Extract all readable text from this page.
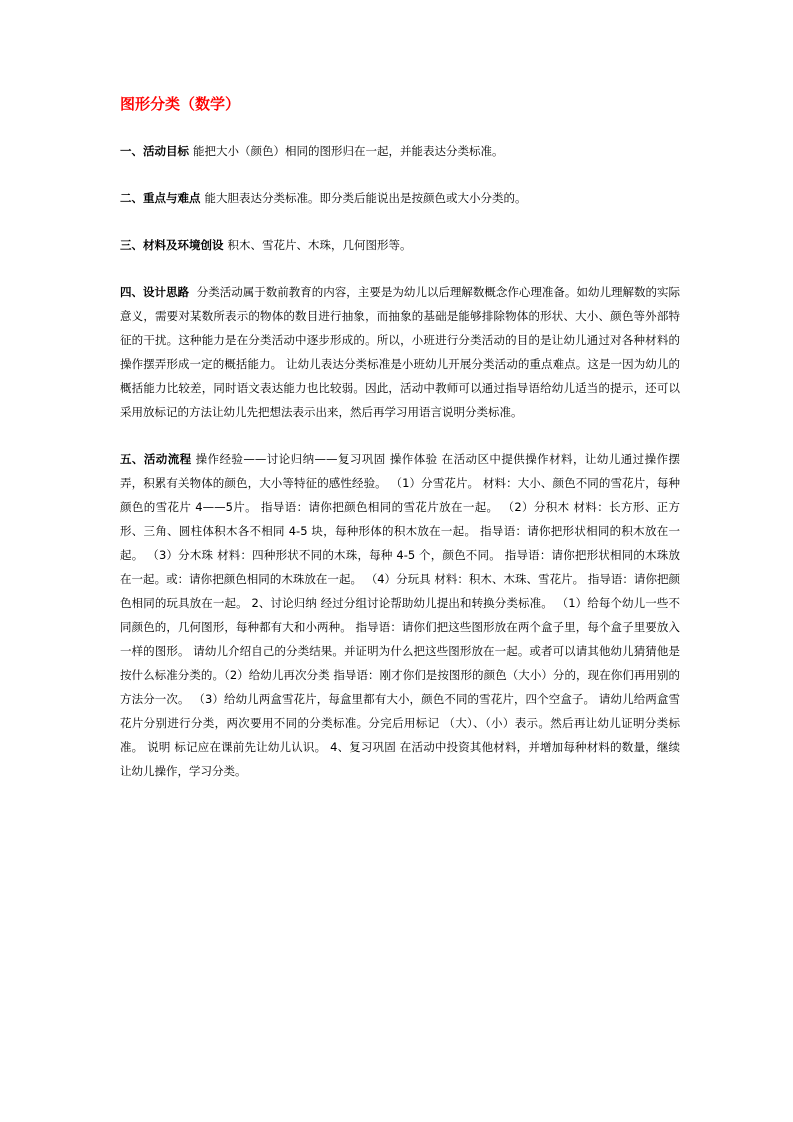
图形分类（数学）
一、活动目标 能把大小（颜色）相同的图形归在一起，并能表达分类标准。
二、重点与难点 能大胆表达分类标准。即分类后能说出是按颜色或大小分类的。
三、材料及环境创设 积木、雪花片、木珠，几何图形等。
四、设计思路 分类活动属于数前教育的内容，主要是为幼儿以后理解数概念作心理准备。如幼儿理解数的实际意义，需要对某数所表示的物体的数目进行抽象，而抽象的基础是能够排除物体的形状、大小、颜色等外部特征的干扰。这种能力是在分类活动中逐步形成的。所以，小班进行分类活动的目的是让幼儿通过对各种材料的操作摆弄形成一定的概括能力。 让幼儿表达分类标准是小班幼儿开展分类活动的重点难点。这是一因为幼儿的概括能力比较差，同时语文表达能力也比较弱。因此，活动中教师可以通过指导语给幼儿适当的提示，还可以采用放标记的方法让幼儿先把想法表示出来，然后再学习用语言说明分类标准。
五、活动流程 操作经验——讨论归纳——复习巩固 操作体验 在活动区中提供操作材料，让幼儿通过操作摆弄，积累有关物体的颜色，大小等特征的感性经验。 （1）分雪花片。 材料：大小、颜色不同的雪花片，每种颜色的雪花片 4——5片。 指导语：请你把颜色相同的雪花片放在一起。 （2）分积木 材料：长方形、正方形、三角、圆柱体积木各不相同 4-5 块，每种形体的积木放在一起。 指导语：请你把形状相同的积木放在一起。 （3）分木珠 材料：四种形状不同的木珠，每种 4-5 个，颜色不同。 指导语：请你把形状相同的木珠放在一起。或：请你把颜色相同的木珠放在一起。 （4）分玩具 材料：积木、木珠、雪花片。 指导语：请你把颜色相同的玩具放在一起。 2、讨论归纳 经过分组讨论帮助幼儿提出和转换分类标准。 （1）给每个幼儿一些不同颜色的，几何图形，每种都有大和小两种。 指导语：请你们把这些图形放在两个盒子里，每个盒子里要放入一样的图形。 请幼儿介绍自己的分类结果。并证明为什么把这些图形放在一起。或者可以请其他幼儿猜猜他是按什么标准分类的。（2）给幼儿再次分类 指导语：刚才你们是按图形的颜色（大小）分的，现在你们再用别的方法分一次。 （3）给幼儿两盒雪花片，每盒里都有大小，颜色不同的雪花片，四个空盒子。 请幼儿给两盒雪花片分别进行分类，两次要用不同的分类标准。分完后用标记 （大）、（小）表示。然后再让幼儿证明分类标准。 说明 标记应在课前先让幼儿认识。 4、复习巩固 在活动中投资其他材料，并增加每种材料的数量，继续让幼儿操作，学习分类。
